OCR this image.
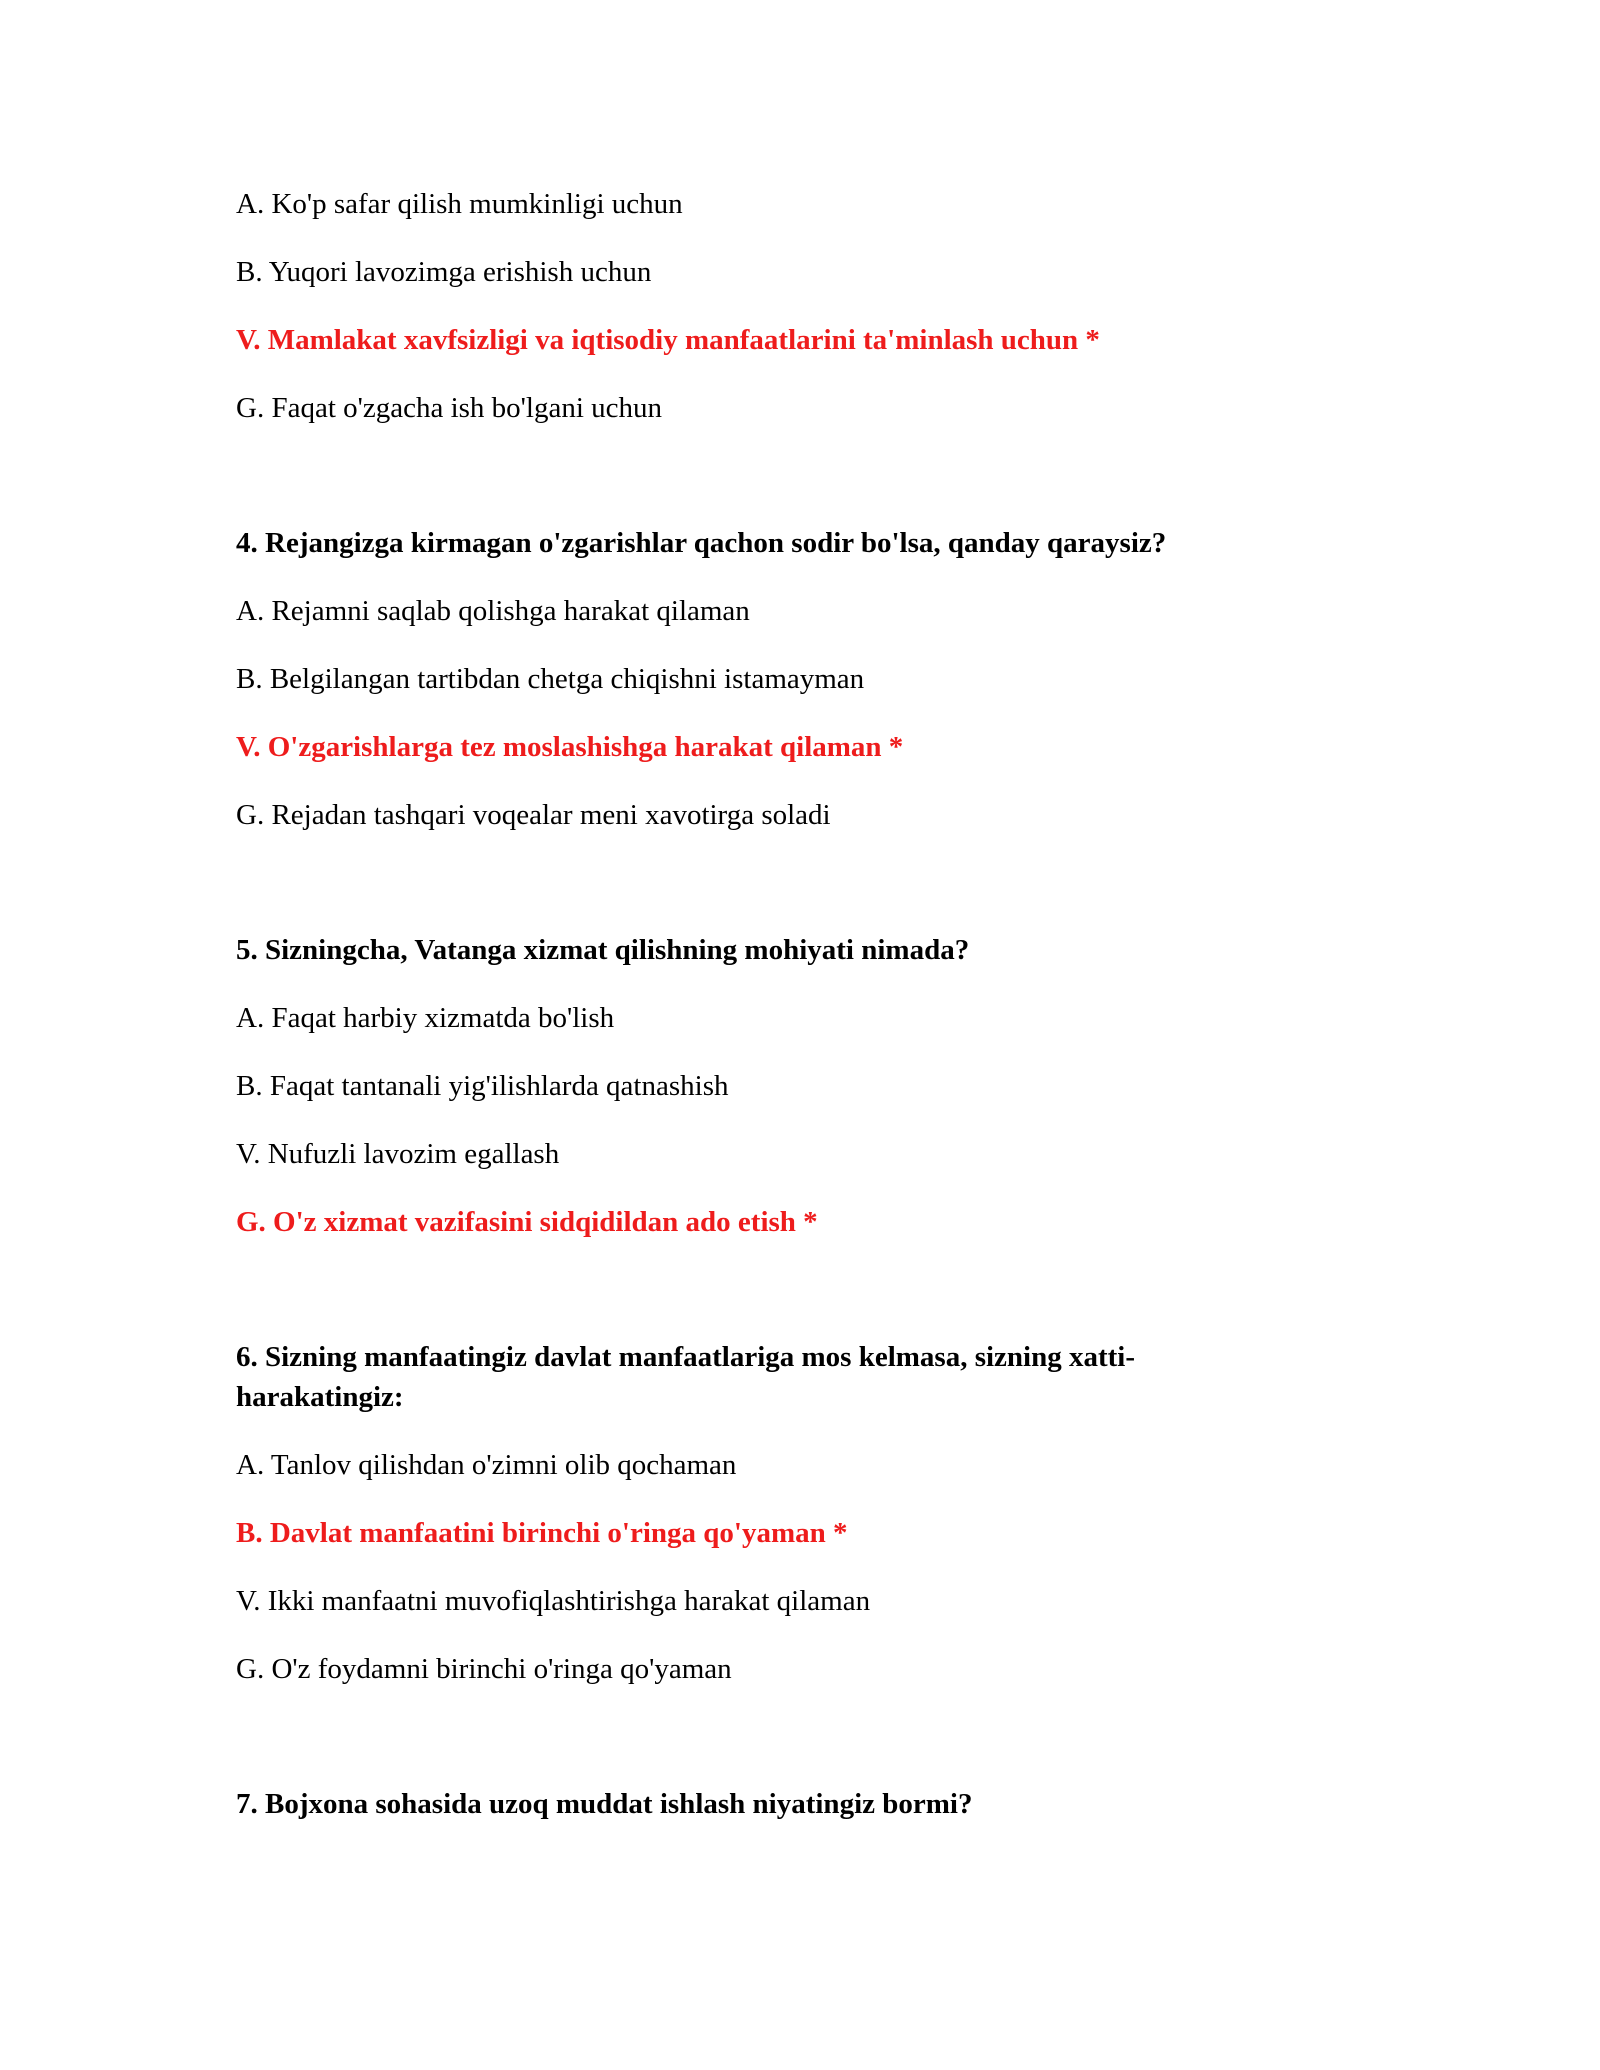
A. Ko'p safar qilish mumkinligi uchun

B. Yuqori lavozimga erishish uchun

V. Mamlakat xavfsizligi va iqtisodiy manfaatlarini ta'minlash uchun *

G. Faqat o'zgacha ish bo'lgani uchun

4. Rejangizga kirmagan o'zgarishlar qachon sodir bo'lsa, qanday qaraysiz?

A. Rejamni saqlab qolishga harakat qilaman

B. Belgilangan tartibdan chetga chiqishni istamayman

V. O'zgarishlarga tez moslashishga harakat qilaman *

G. Rejadan tashqari voqealar meni xavotirga soladi

5. Sizningcha, Vatanga xizmat qilishning mohiyati nimada?

A. Faqat harbiy xizmatda bo'lish

B. Faqat tantanali yig'ilishlarda qatnashish

V. Nufuzli lavozim egallash

G. O'z xizmat vazifasini sidqidildan ado etish *

6. Sizning manfaatingiz davlat manfaatlariga mos kelmasa, sizning xatti-

harakatingiz:

A. Tanlov qilishdan o'zimni olib qochaman

B. Davlat manfaatini birinchi o'ringa qo'yaman *

V. Ikki manfaatni muvofiqlashtirishga harakat qilaman

G. O'z foydamni birinchi o'ringa qo'yaman

7. Bojxona sohasida uzoq muddat ishlash niyatingiz bormi?
